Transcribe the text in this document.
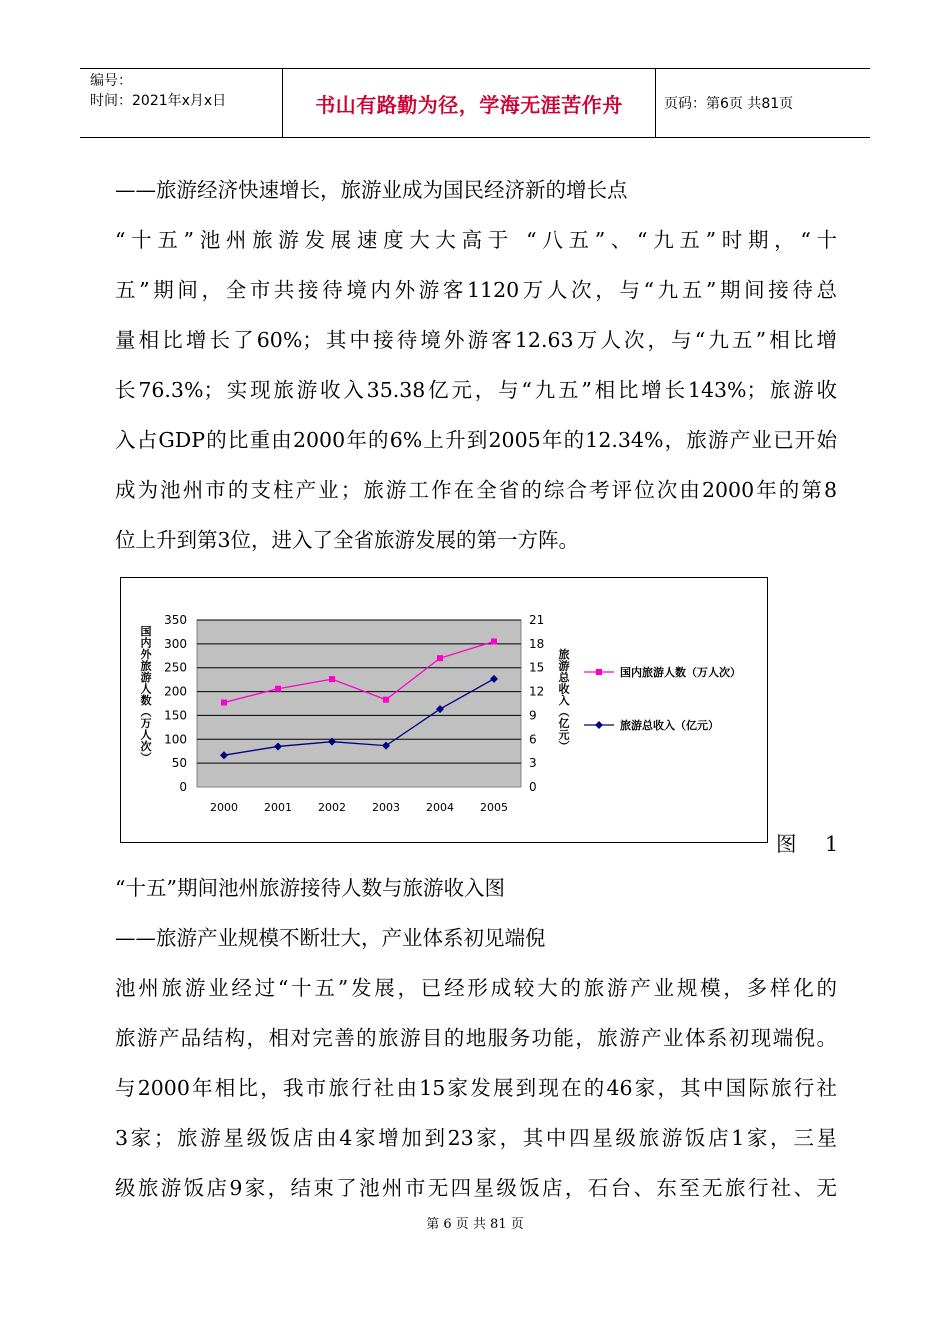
编号：
时间：2021年x月x日	书山有路勤为径，学海无涯苦作舟	页码：第6页 共81页
——旅游经济快速增长，旅游业成为国民经济新的增长点
“十五”池州旅游发展速度大大高于 “八五”、“九五”时期，“十
五”期间，全市共接待境内外游客1120万人次，与“九五”期间接待总
量相比增长了60%；其中接待境外游客12.63万人次，与“九五”相比增
长76.3%；实现旅游收入35.38亿元，与“九五”相比增长143%；旅游收
入占GDP的比重由2000年的6%上升到2005年的12.34%，旅游产业已开始
成为池州市的支柱产业；旅游工作在全省的综合考评位次由2000年的第8
位上升到第3位，进入了全省旅游发展的第一方阵。
0	0
50	3
100	6
150	9
200	12
250	15
300	18
350	21
2000 2001 2002 2003 2004 2005
国内外旅游人数︵万人次︶
旅游总收入︵亿元︶
国内旅游人数（万人次）
旅游总收入（亿元）
图 1
“十五”期间池州旅游接待人数与旅游收入图
——旅游产业规模不断壮大，产业体系初见端倪
池州旅游业经过“十五”发展，已经形成较大的旅游产业规模，多样化的
旅游产品结构，相对完善的旅游目的地服务功能，旅游产业体系初现端倪。
与2000年相比，我市旅行社由15家发展到现在的46家，其中国际旅行社
3家；旅游星级饭店由4家增加到23家，其中四星级旅游饭店1家，三星
级旅游饭店9家，结束了池州市无四星级饭店，石台、东至无旅行社、无
第 6 页 共 81 页
